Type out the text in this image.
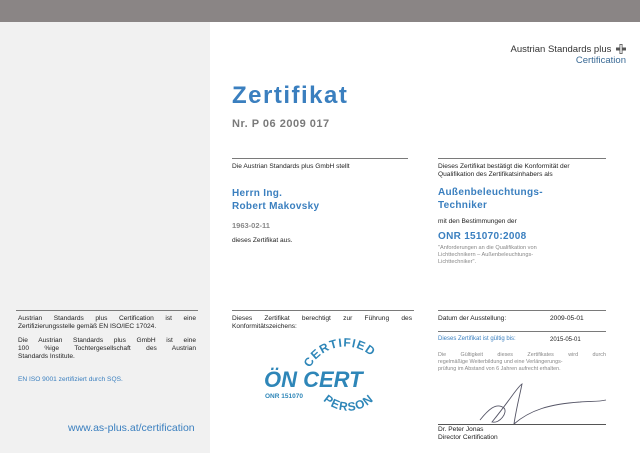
Austrian Standards plus
Certification
Zertifikat
Nr. P 06 2009 017
Die Austrian Standards plus GmbH stellt
Herrn Ing.
Robert Makovsky
1963-02-11
dieses Zertifikat aus.
Dieses Zertifikat bestätigt die Konformität der
Qualifikation des Zertifikatsinhabers als
Außenbeleuchtungs-
Techniker
mit den Bestimmungen der
ONR 151070:2008
"Anforderungen an die Qualifikation von
Lichttechnikern – Außenbeleuchtungs-
Lichttechniker".
Austrian Standards plus Certification ist eine
Zertifizierungsstelle gemäß EN ISO/IEC 17024.
Die Austrian Standards plus GmbH ist eine
100 %ige Tochtergesellschaft des Austrian
Standards Institute.
EN ISO 9001 zertifiziert durch SQS.
Dieses Zertifikat berechtigt zur Führung des
Konformitätszeichens:
CERTIFIED
PERSON
ÖN CERT
ONR 151070
Datum der Ausstellung:	2009-05-01
Dieses Zertifikat ist gültig bis:	2015-05-01
Die Gültigkeit dieses Zertifikates wird durch
regelmäßige Weiterbildung und eine Verlängerungs-
prüfung im Abstand von 6 Jahren aufrecht erhalten.
Dr. Peter Jonas
Director Certification
www.as-plus.at/certification
